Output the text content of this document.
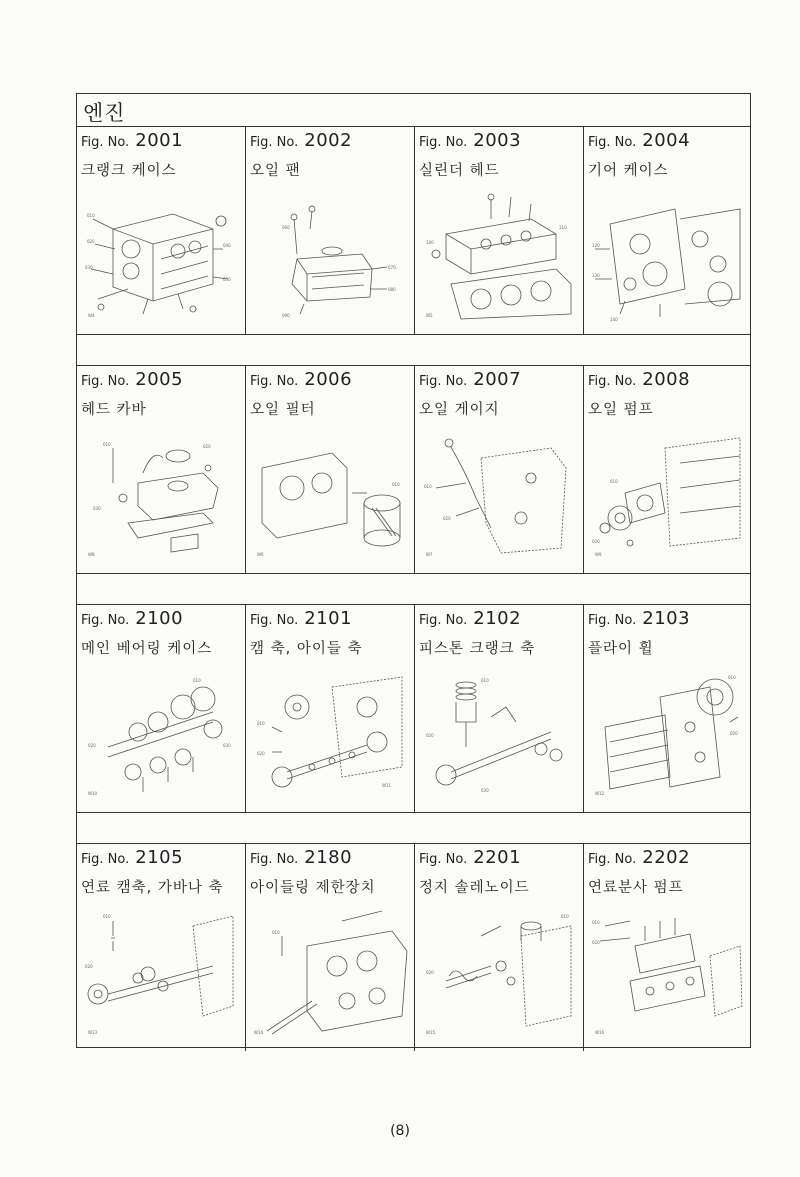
엔진
Fig. No. 2001
크랭크 케이스
010
020
030
040
050
W4
Fig. No. 2002
오일 팬
060
070
080
090
Fig. No. 2003
실린더 헤드
100
110
W5
Fig. No. 2004
기어 케이스
120
130
140
Fig. No. 2005
헤드 카바
010	020
030
W8
Fig. No. 2006
오일 필터
010
W6
Fig. No. 2007
오일 게이지
010
020
W7
Fig. No. 2008
오일 펌프
010
020
W9
Fig. No. 2100
메인 베어링 케이스
010
020	030
W10
Fig. No. 2101
캠 축, 아이들 축
010
020
W11
Fig. No. 2102
피스톤 크랭크 축
010
020
030
Fig. No. 2103
플라이 휠
010
020
W12
Fig. No. 2105
연료 캠축, 가바나 축
010
020
W13
Fig. No. 2180
아이들링 제한장치
010
W14
Fig. No. 2201
정지 솔레노이드
010
020
W15
Fig. No. 2202
연료분사 펌프
010
020
W16
(8)
